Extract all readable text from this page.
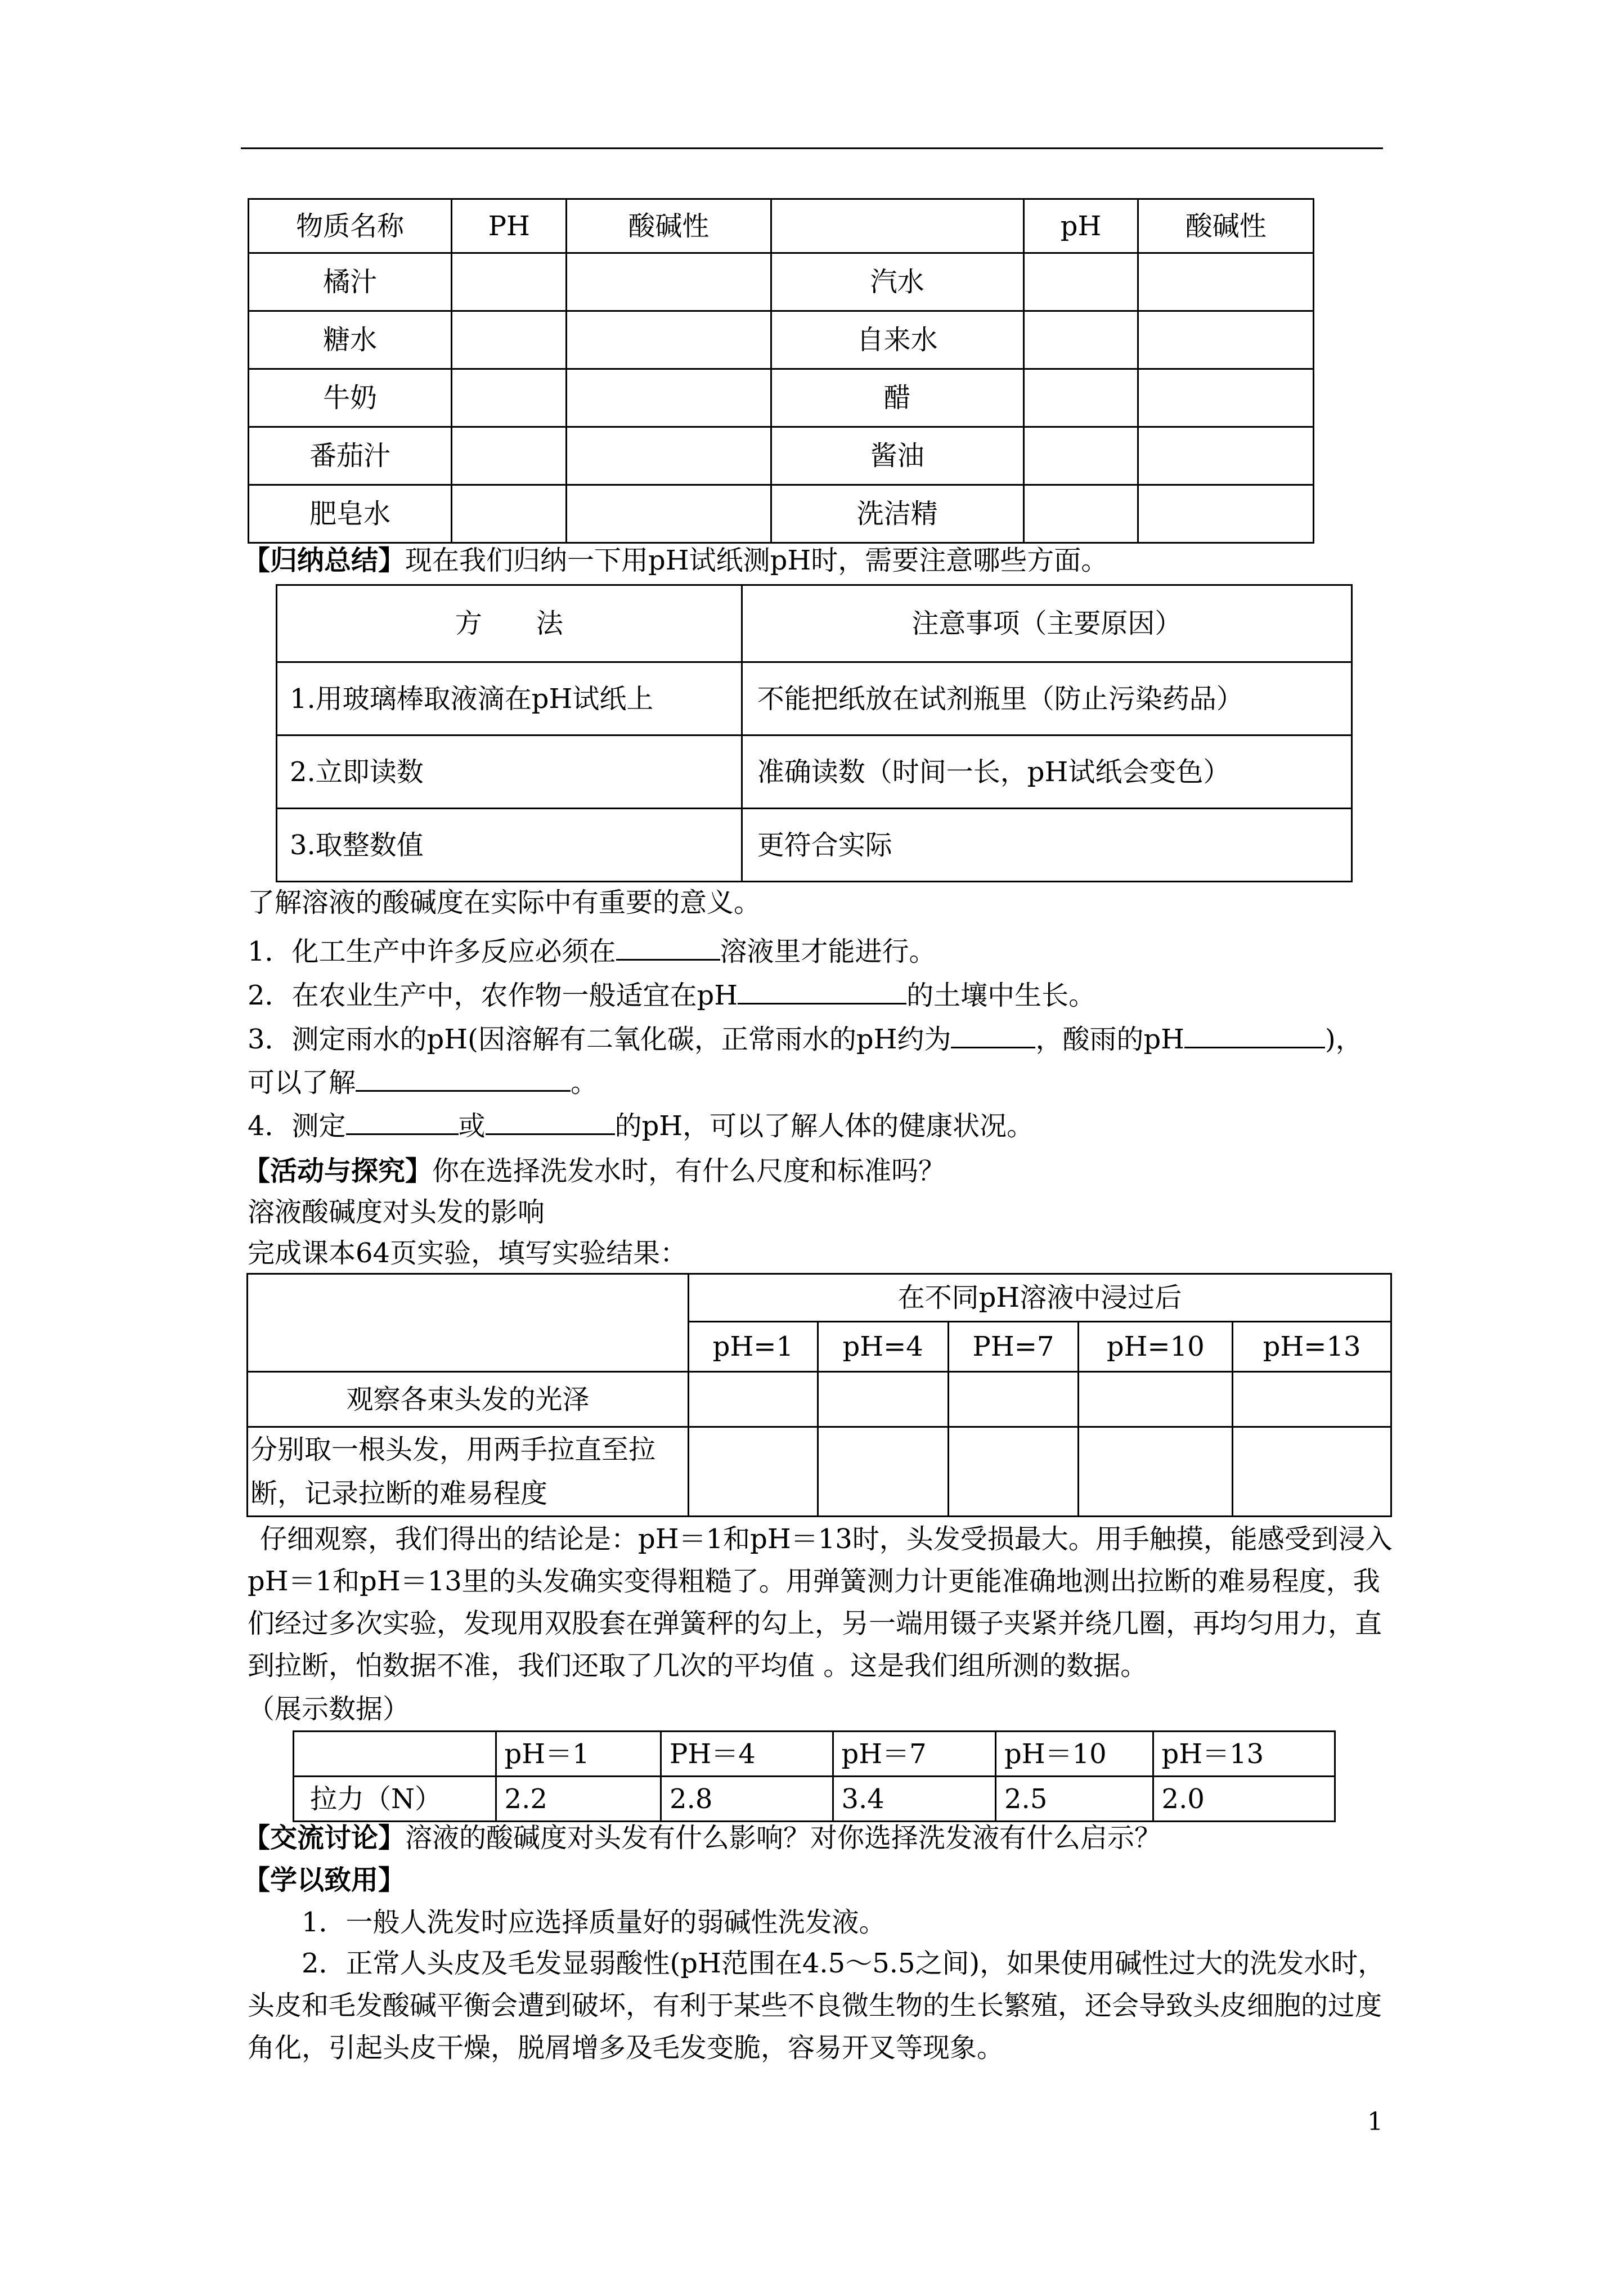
物质名称	PH	酸碱性		pH	酸碱性
橘汁			汽水		
糖水			自来水		
牛奶			醋		
番茄汁			酱油		
肥皂水			洗洁精		
【归纳总结】现在我们归纳一下用pH试纸测pH时，需要注意哪些方面。
方　　法	注意事项（主要原因）
1.用玻璃棒取液滴在pH试纸上	不能把纸放在试剂瓶里（防止污染药品）
2.立即读数	准确读数（时间一长，pH试纸会变色）
3.取整数值	更符合实际
了解溶液的酸碱度在实际中有重要的意义。
1．化工生产中许多反应必须在	溶液里才能进行。
2．在农业生产中，农作物一般适宜在pH	的土壤中生长。
3．测定雨水的pH(因溶解有二氧化碳，正常雨水的pH约为	，酸雨的pH	)，
可以了解	。
4．测定	或	的pH，可以了解人体的健康状况。
【活动与探究】你在选择洗发水时，有什么尺度和标准吗？
溶液酸碱度对头发的影响
完成课本64页实验，填写实验结果：
	在不同pH溶液中浸过后				
	pH=1	pH=4	PH=7	pH=10	pH=13
观察各束头发的光泽					

分别取一根头发，用两手拉直至拉
断，记录拉断的难易程度					

仔细观察，我们得出的结论是：pH＝1和pH＝13时，头发受损最大。用手触摸，能感受到浸入pH＝1和pH＝13里的头发确实变得粗糙了。用弹簧测力计更能准确地测出拉断的难易程度，我们经过多次实验，发现用双股套在弹簧秤的勾上，另一端用镊子夹紧并绕几圈，再均匀用力，直到拉断，怕数据不准，我们还取了几次的平均值 。这是我们组所测的数据。
（展示数据）
	pH＝1	PH＝4	pH＝7	pH＝10	pH＝13
拉力（N）	2.2	2.8	3.4	2.5	2.0
【交流讨论】溶液的酸碱度对头发有什么影响？对你选择洗发液有什么启示？
【学以致用】
1．一般人洗发时应选择质量好的弱碱性洗发液。
2．正常人头皮及毛发显弱酸性(pH范围在4.5～5.5之间)，如果使用碱性过大的洗发水时，头皮和毛发酸碱平衡会遭到破坏，有利于某些不良微生物的生长繁殖，还会导致头皮细胞的过度角化，引起头皮干燥，脱屑增多及毛发变脆，容易开叉等现象。
1
